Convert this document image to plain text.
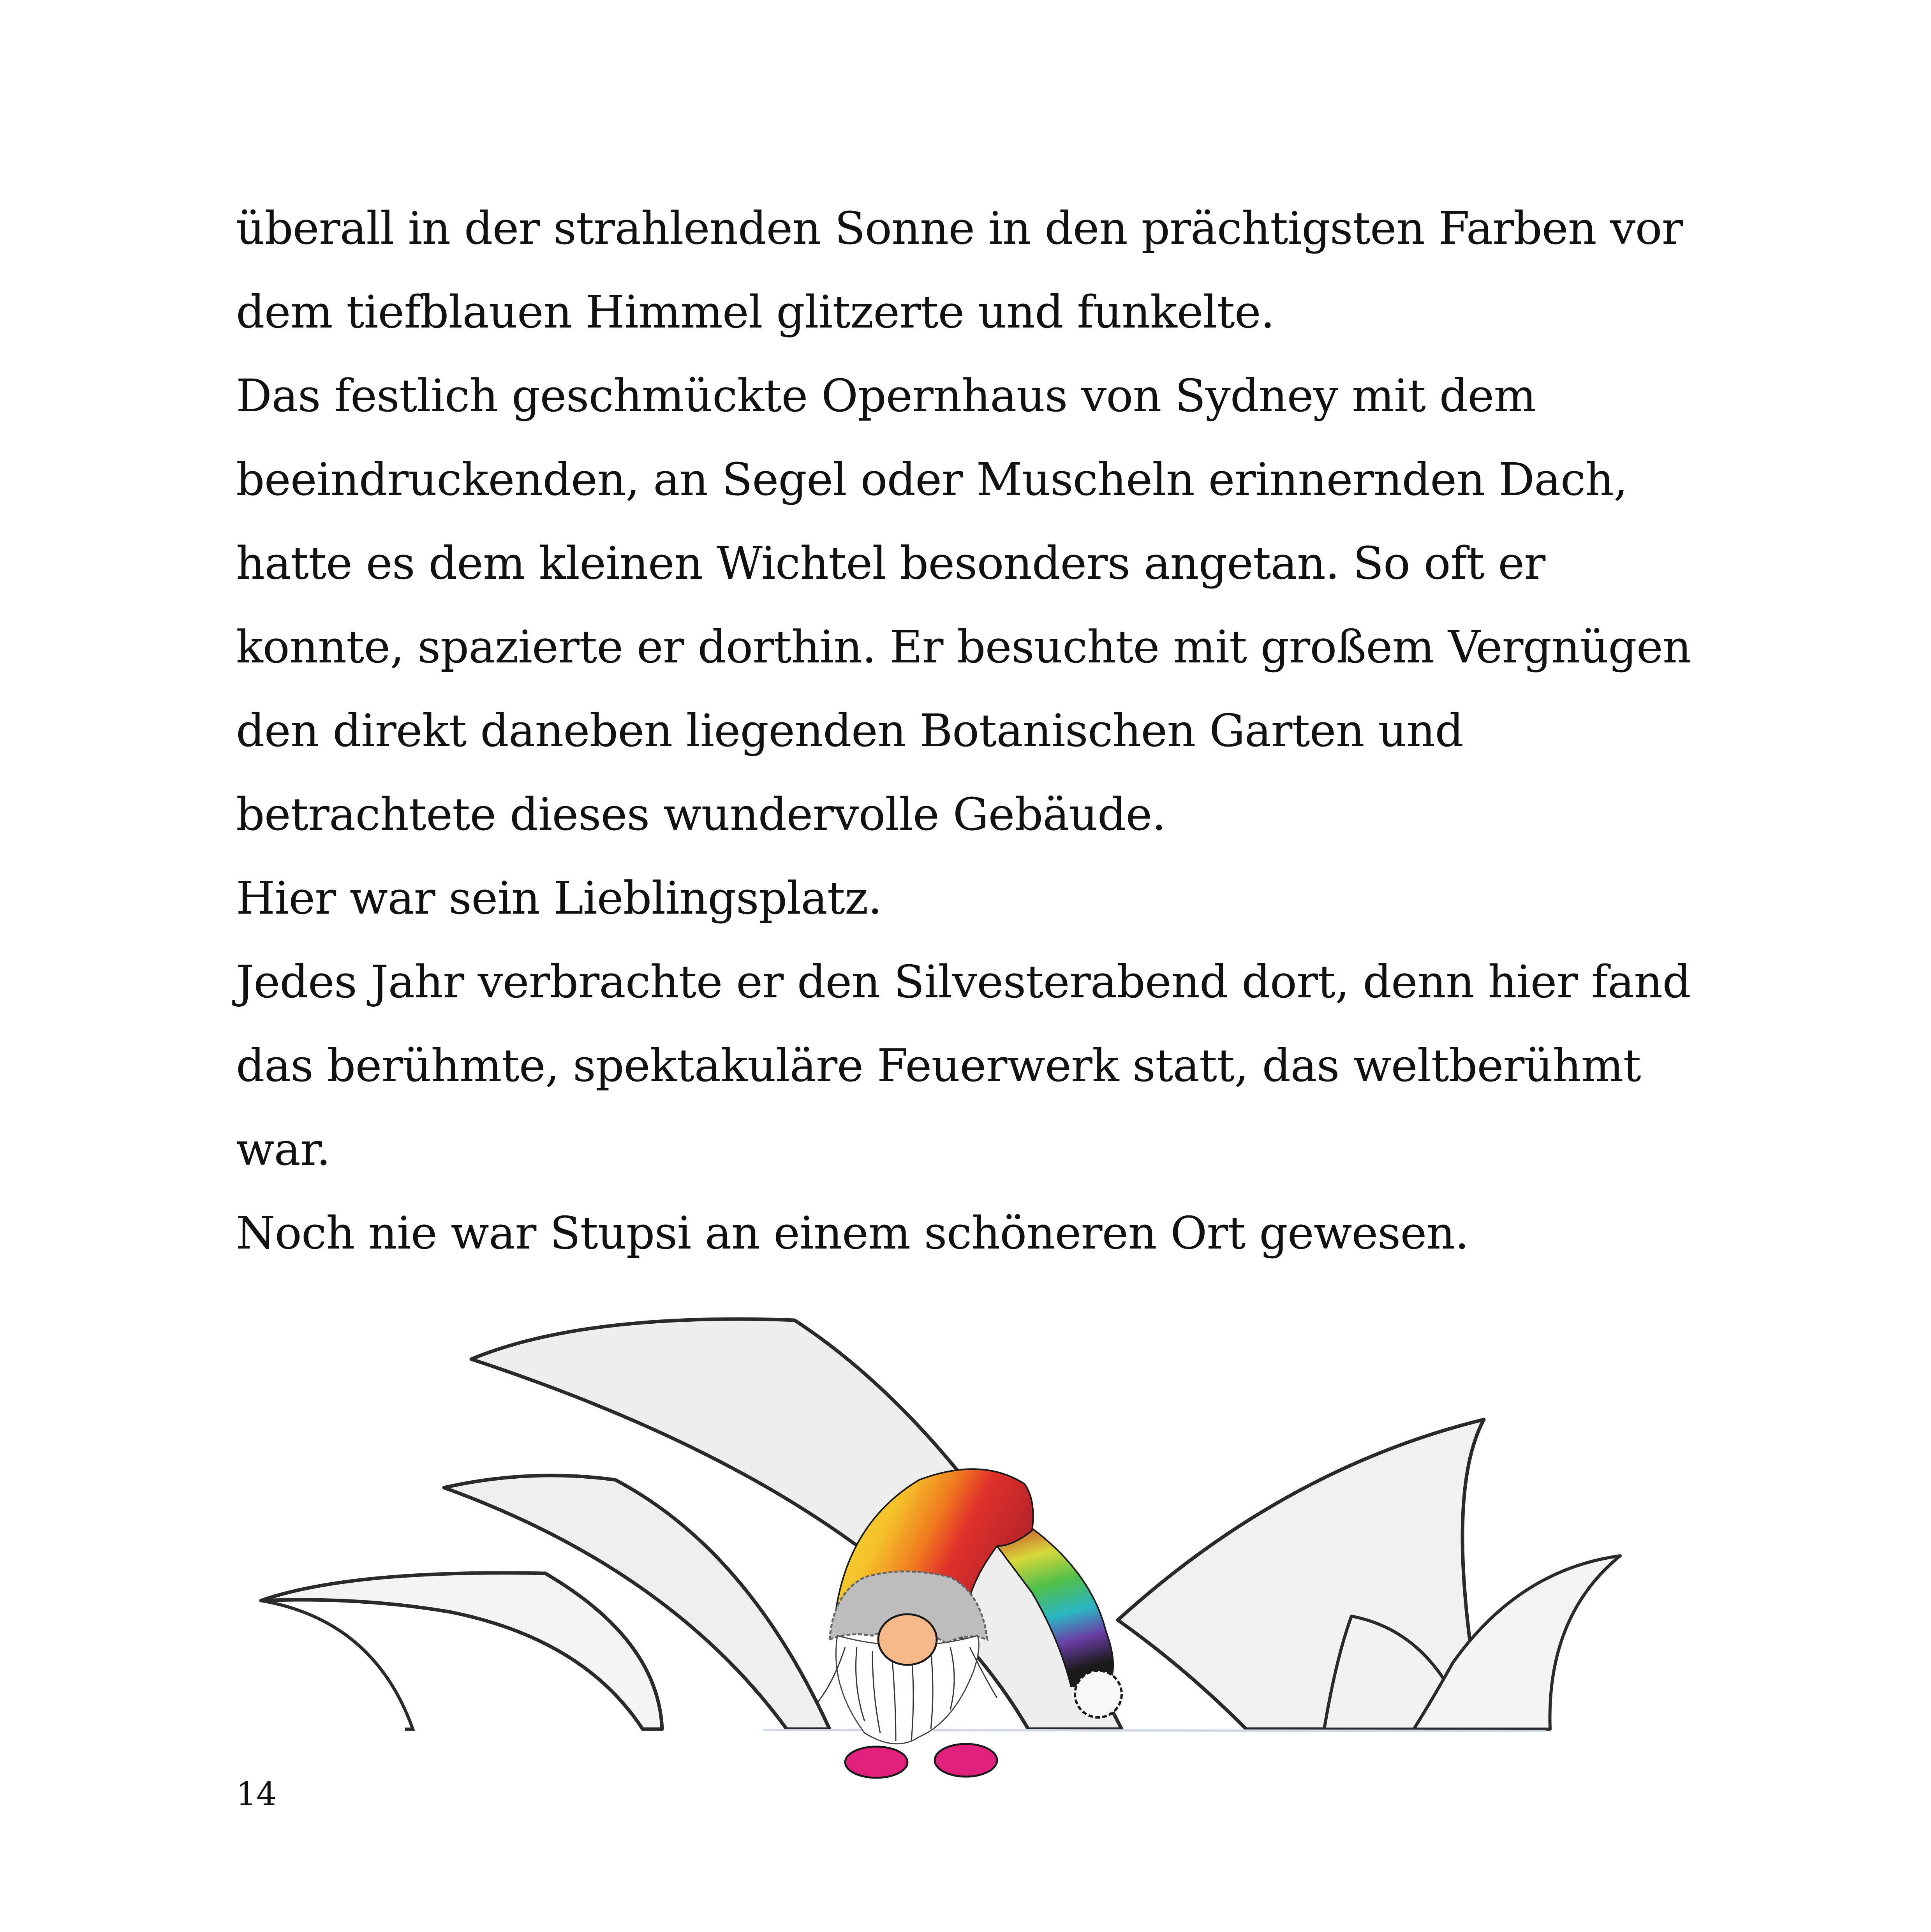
überall in der strahlenden Sonne in den prächtigsten Farben vor
dem tiefblauen Himmel glitzerte und funkelte.
Das festlich geschmückte Opernhaus von Sydney mit dem
beeindruckenden, an Segel oder Muscheln erinnernden Dach,
hatte es dem kleinen Wichtel besonders angetan. So oft er
konnte, spazierte er dorthin. Er besuchte mit großem Vergnügen
den direkt daneben liegenden Botanischen Garten und
betrachtete dieses wundervolle Gebäude.
Hier war sein Lieblingsplatz.
Jedes Jahr verbrachte er den Silvesterabend dort, denn hier fand
das berühmte, spektakuläre Feuerwerk statt, das weltberühmt
war.
Noch nie war Stupsi an einem schöneren Ort gewesen.
14
